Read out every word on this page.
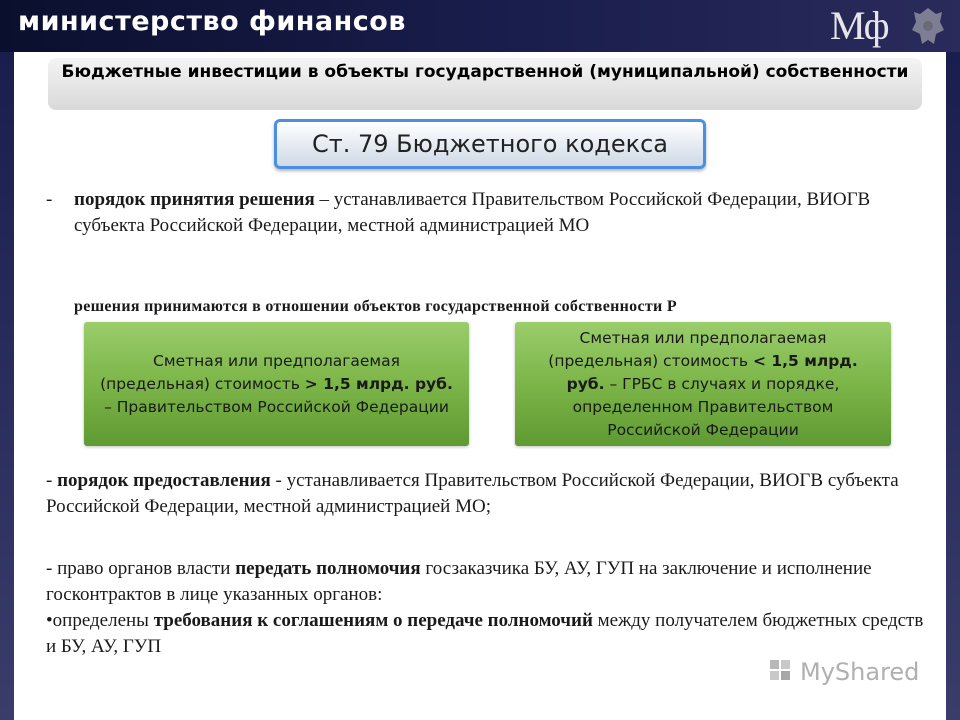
министерство финансов	Мф
Бюджетные инвестиции в объекты государственной (муниципальной) собственности
Ст. 79 Бюджетного кодекса
- порядок принятия решения – устанавливается Правительством Российской Федерации, ВИОГВ субъекта Российской Федерации, местной администрацией МО
решения принимаются в отношении объектов государственной собственности Р
Сметная или предполагаемая (предельная) стоимость > 1,5 млрд. руб. – Правительством Российской Федерации
Сметная или предполагаемая (предельная) стоимость < 1,5 млрд. руб. – ГРБС в случаях и порядке, определенном Правительством Российской Федерации
- порядок предоставления - устанавливается Правительством Российской Федерации, ВИОГВ субъекта Российской Федерации, местной администрацией МО;
- право органов власти передать полномочия госзаказчика БУ, АУ, ГУП на заключение и исполнение госконтрактов в лице указанных органов:
•определены требования к соглашениям о передаче полномочий между получателем бюджетных средств и БУ, АУ, ГУП
MyShared
